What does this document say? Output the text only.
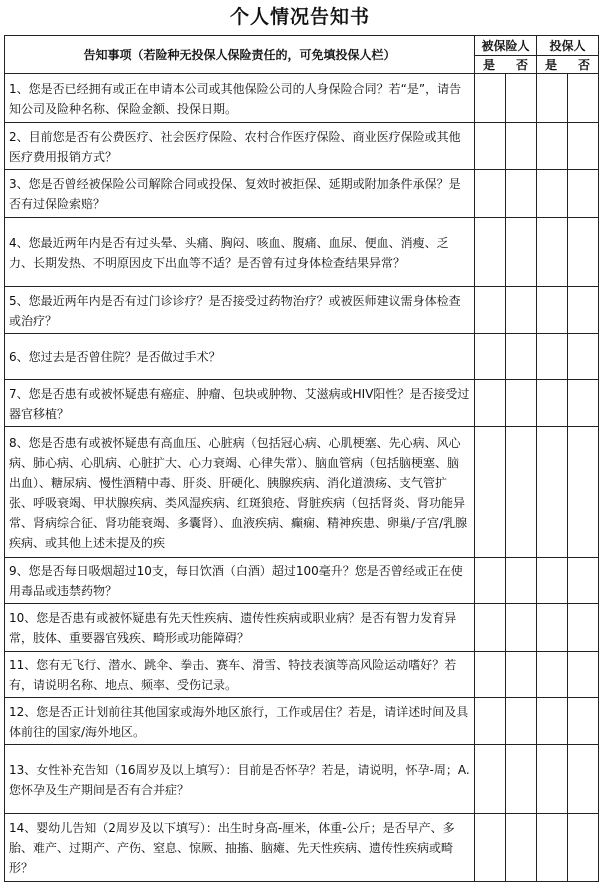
个人情况告知书
告知事项（若险种无投保人保险责任的，可免填投保人栏）	被保险人		投保人	

	是 否		是 否	

1、您是否已经拥有或正在申请本公司或其他保险公司的人身保险合同？若“是”，请告知公司及险种名称、保险金额、投保日期。				
2、目前您是否有公费医疗、社会医疗保险、农村合作医疗保险、商业医疗保险或其他医疗费用报销方式？				
3、您是否曾经被保险公司解除合同或投保、复效时被拒保、延期或附加条件承保？是否有过保险索赔？				
4、您最近两年内是否有过头晕、头痛、胸闷、咳血、腹痛、血尿、便血、消瘦、乏力、长期发热、不明原因皮下出血等不适？是否曾有过身体检查结果异常？				
5、您最近两年内是否有过门诊诊疗？是否接受过药物治疗？或被医师建议需身体检查或治疗？				
6、您过去是否曾住院？是否做过手术？				
7、您是否患有或被怀疑患有癌症、肿瘤、包块或肿物、艾滋病或HIV阳性？是否接受过器官移植？				
8、您是否患有或被怀疑患有高血压、心脏病（包括冠心病、心肌梗塞、先心病、风心病、肺心病、心肌病、心脏扩大、心力衰竭、心律失常）、脑血管病（包括脑梗塞、脑出血）、糖尿病、慢性酒精中毒、肝炎、肝硬化、胰腺疾病、消化道溃疡、支气管扩张、呼吸衰竭、甲状腺疾病、类风湿疾病、红斑狼疮、肾脏疾病（包括肾炎、肾功能异常、肾病综合征、肾功能衰竭、多囊肾）、血液疾病、癫痫、精神疾患、卵巢/子宫/乳腺疾病、或其他上述未提及的疾				
9、您是否每日吸烟超过10支，每日饮酒（白酒）超过100毫升？您是否曾经或正在使用毒品或违禁药物？				
10、您是否患有或被怀疑患有先天性疾病、遗传性疾病或职业病？是否有智力发育异常，肢体、重要器官残疾、畸形或功能障碍？				
11、您有无飞行、潜水、跳伞、拳击、赛车、滑雪、特技表演等高风险运动嗜好？若有，请说明名称、地点、频率、受伤记录。				
12、您是否正计划前往其他国家或海外地区旅行，工作或居住？若是，请详述时间及具体前往的国家/海外地区。				
13、女性补充告知（16周岁及以上填写）：目前是否怀孕？若是，请说明，怀孕-周；A.您怀孕及生产期间是否有合并症？				
14、婴幼儿告知（2周岁及以下填写）：出生时身高-厘米，体重-公斤；是否早产、多胎、难产、过期产、产伤、窒息、惊厥、抽搐、脑瘫、先天性疾病、遗传性疾病或畸形？				
